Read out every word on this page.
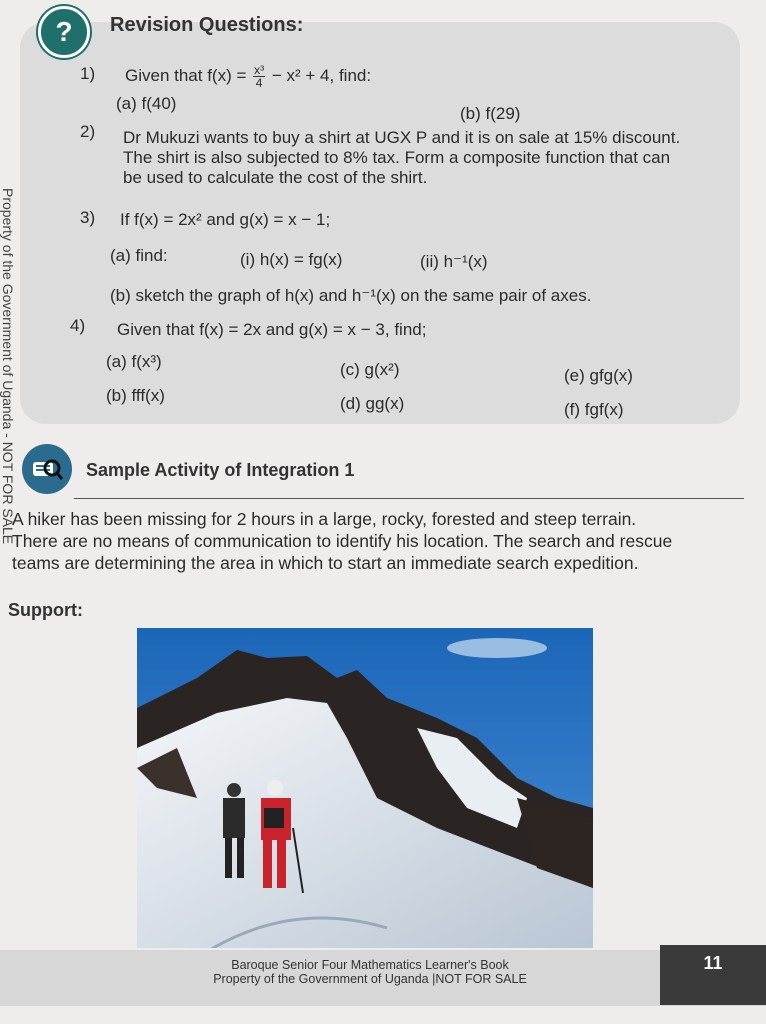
Property of the Government of Uganda - NOT FOR SALE
?	Revision Questions:
1) Given that $f(x) = \frac{\text{x³}}{4} - x^2 + 4$, find:
(a) f(40)
(b) f(29)
2) Dr Mukuzi wants to buy a shirt at UGX P and it is on sale at 15% discount.
The shirt is also subjected to 8% tax. Form a composite function that can
be used to calculate the cost of the shirt.
3) If f(x) = 2x² and g(x) = x − 1;
(a) find:	(i) h(x) = fg(x)	(ii) h⁻¹(x)
(b) sketch the graph of h(x) and h⁻¹(x) on the same pair of axes.
4) Given that f(x) = 2x and g(x) = x − 3, find;
(a) f(x³)
(b) fff(x)
(c) g(x²)
(d) gg(x)
(e) gfg(x)
(f) fgf(x)
Sample Activity of Integration 1
A hiker has been missing for 2 hours in a large, rocky, forested and steep terrain.
There are no means of communication to identify his location. The search and rescue
teams are determining the area in which to start an immediate search expedition.
Support:
Baroque Senior Four Mathematics Learner's Book
Property of the Government of Uganda |NOT FOR SALE
11
